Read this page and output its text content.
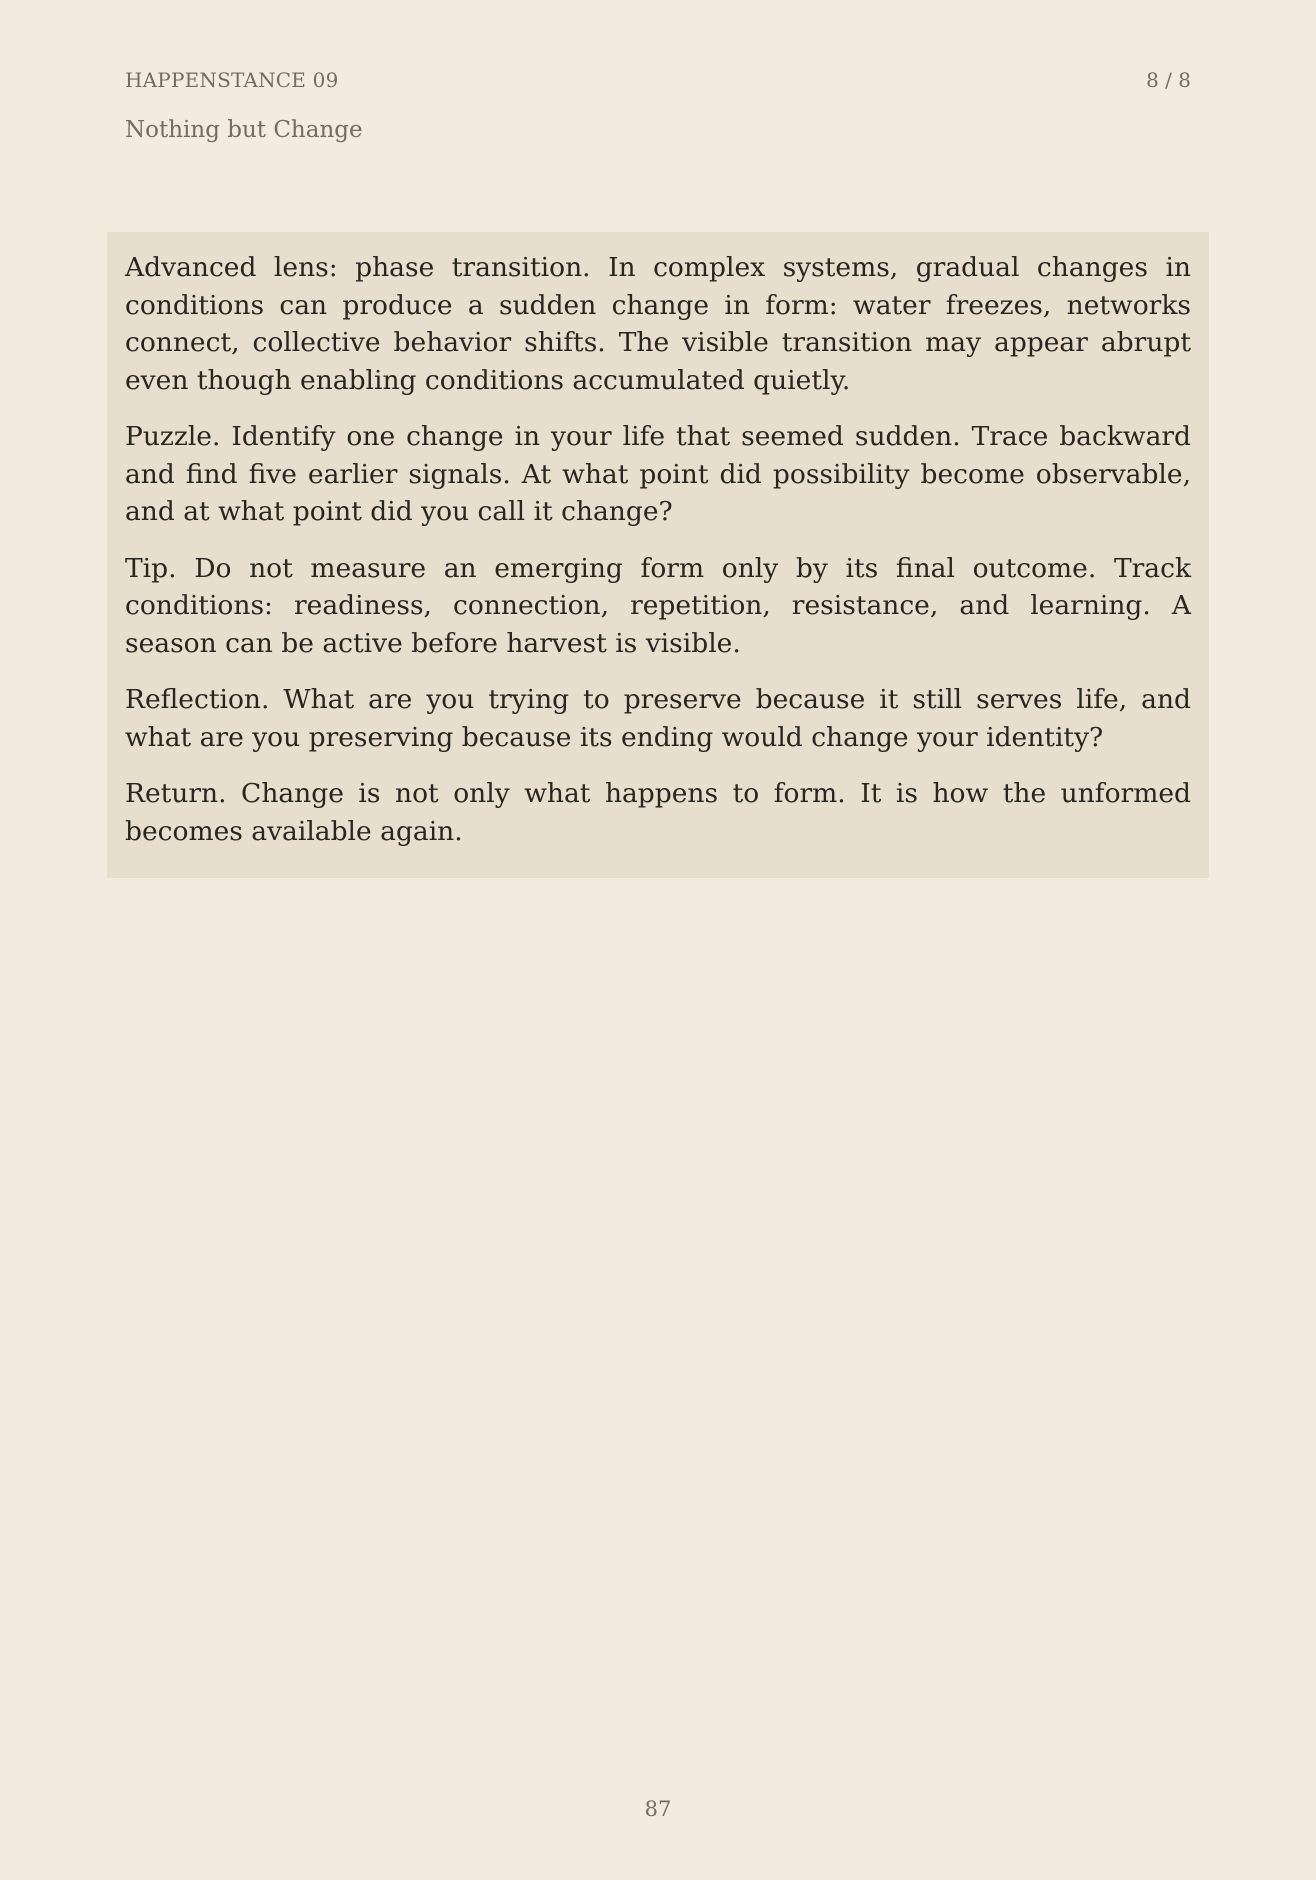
HAPPENSTANCE 09	8 / 8
Nothing but Change

Advanced lens: phase transition. In complex systems, gradual changes in conditions can produce a sudden change in form: water freezes, networks connect, collective behavior shifts. The visible transition may appear abrupt even though enabling conditions accumulated quietly.

Puzzle. Identify one change in your life that seemed sudden. Trace backward and find five earlier signals. At what point did possibility become observable, and at what point did you call it change?

Tip. Do not measure an emerging form only by its final outcome. Track conditions: readiness, connection, repetition, resistance, and learning. A season can be active before harvest is visible.

Reflection. What are you trying to preserve because it still serves life, and what are you preserving because its ending would change your identity?

Return. Change is not only what happens to form. It is how the unformed becomes available again.

87
